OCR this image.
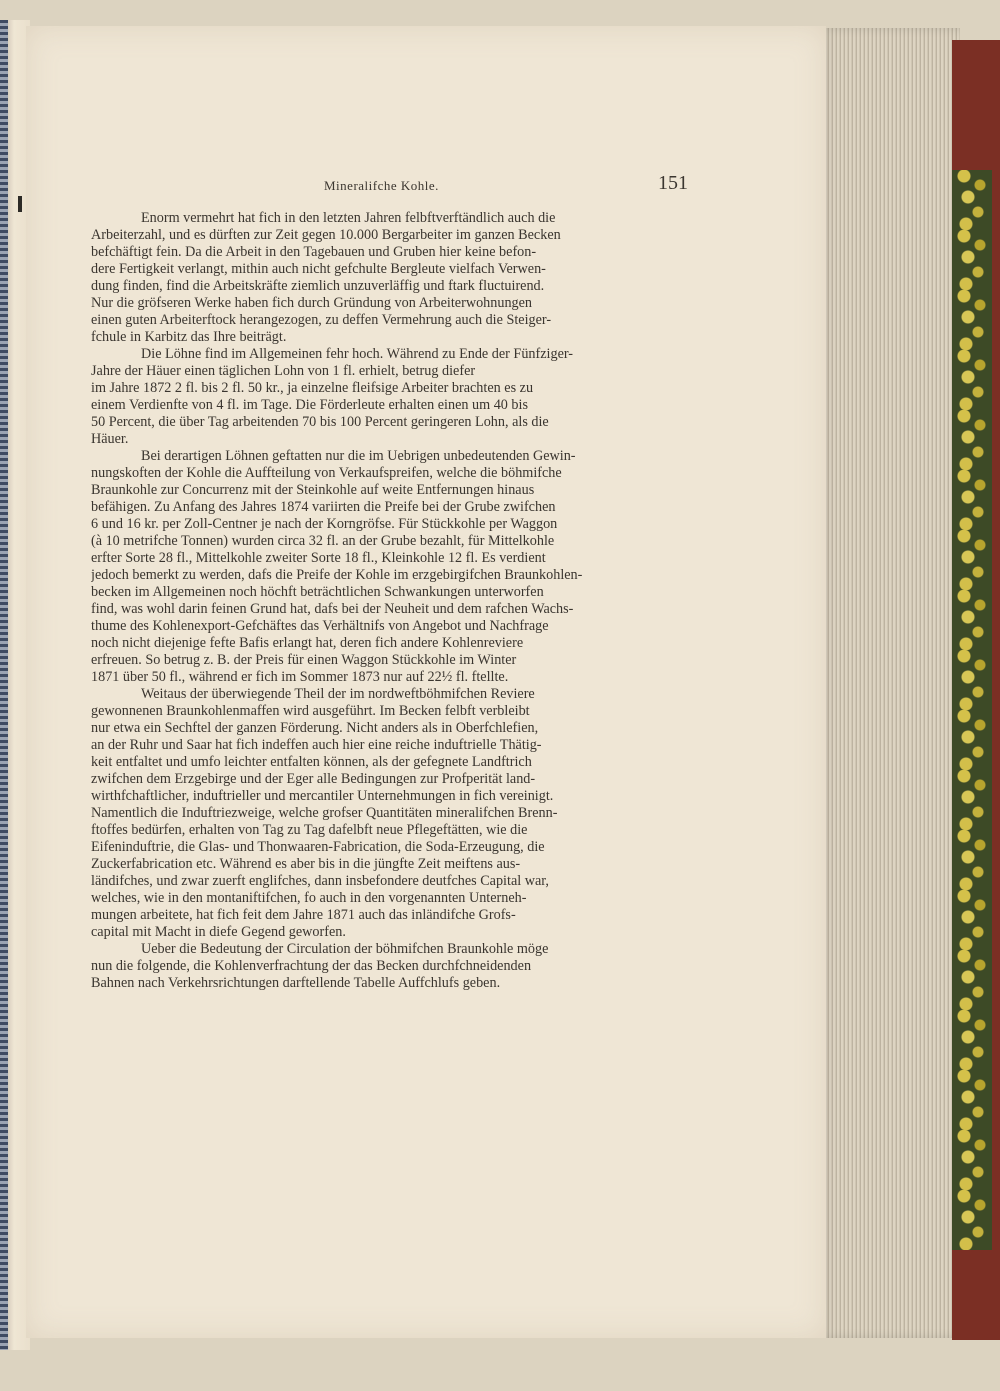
Mineralifche Kohle.	151
Enorm vermehrt hat fich in den letzten Jahren felbftverftändlich auch die
Arbeiterzahl, und es dürften zur Zeit gegen 10.000 Bergarbeiter im ganzen Becken
befchäftigt fein. Da die Arbeit in den Tagebauen und Gruben hier keine befon-
dere Fertigkeit verlangt, mithin auch nicht gefchulte Bergleute vielfach Verwen-
dung finden, find die Arbeitskräfte ziemlich unzuverläffig und ftark fluctuirend.
Nur die gröfseren Werke haben fich durch Gründung von Arbeiterwohnungen
einen guten Arbeiterftock herangezogen, zu deffen Vermehrung auch die Steiger-
fchule in Karbitz das Ihre beiträgt.
Die Löhne find im Allgemeinen fehr hoch. Während zu Ende der Fünfziger-
Jahre der Häuer einen täglichen Lohn von 1 fl. erhielt, betrug diefer
im Jahre 1872 2 fl. bis 2 fl. 50 kr., ja einzelne fleifsige Arbeiter brachten es zu
einem Verdienfte von 4 fl. im Tage. Die Förderleute erhalten einen um 40 bis
50 Percent, die über Tag arbeitenden 70 bis 100 Percent geringeren Lohn, als die
Häuer.
Bei derartigen Löhnen geftatten nur die im Uebrigen unbedeutenden Gewin-
nungskoften der Kohle die Auffteilung von Verkaufspreifen, welche die böhmifche
Braunkohle zur Concurrenz mit der Steinkohle auf weite Entfernungen hinaus
befähigen. Zu Anfang des Jahres 1874 variirten die Preife bei der Grube zwifchen
6 und 16 kr. per Zoll-Centner je nach der Korngröfse. Für Stückkohle per Waggon
(à 10 metrifche Tonnen) wurden circa 32 fl. an der Grube bezahlt, für Mittelkohle
erfter Sorte 28 fl., Mittelkohle zweiter Sorte 18 fl., Kleinkohle 12 fl. Es verdient
jedoch bemerkt zu werden, dafs die Preife der Kohle im erzgebirgifchen Braunkohlen-
becken im Allgemeinen noch höchft beträchtlichen Schwankungen unterworfen
find, was wohl darin feinen Grund hat, dafs bei der Neuheit und dem rafchen Wachs-
thume des Kohlenexport-Gefchäftes das Verhältnifs von Angebot und Nachfrage
noch nicht diejenige fefte Bafis erlangt hat, deren fich andere Kohlenreviere
erfreuen. So betrug z. B. der Preis für einen Waggon Stückkohle im Winter
1871 über 50 fl., während er fich im Sommer 1873 nur auf 22½ fl. ftellte.
Weitaus der überwiegende Theil der im nordweftböhmifchen Reviere
gewonnenen Braunkohlenmaffen wird ausgeführt. Im Becken felbft verbleibt
nur etwa ein Sechftel der ganzen Förderung. Nicht anders als in Oberfchlefien,
an der Ruhr und Saar hat fich indeffen auch hier eine reiche induftrielle Thätig-
keit entfaltet und umfo leichter entfalten können, als der gefegnete Landftrich
zwifchen dem Erzgebirge und der Eger alle Bedingungen zur Profperität land-
wirthfchaftlicher, induftrieller und mercantiler Unternehmungen in fich vereinigt.
Namentlich die Induftriezweige, welche grofser Quantitäten mineralifchen Brenn-
ftoffes bedürfen, erhalten von Tag zu Tag dafelbft neue Pflegeftätten, wie die
Eifeninduftrie, die Glas- und Thonwaaren-Fabrication, die Soda-Erzeugung, die
Zuckerfabrication etc. Während es aber bis in die jüngfte Zeit meiftens aus-
ländifches, und zwar zuerft englifches, dann insbefondere deutfches Capital war,
welches, wie in den montaniftifchen, fo auch in den vorgenannten Unterneh-
mungen arbeitete, hat fich feit dem Jahre 1871 auch das inländifche Grofs-
capital mit Macht in diefe Gegend geworfen.
Ueber die Bedeutung der Circulation der böhmifchen Braunkohle möge
nun die folgende, die Kohlenverfrachtung der das Becken durchfchneidenden
Bahnen nach Verkehrsrichtungen darftellende Tabelle Auffchlufs geben.
